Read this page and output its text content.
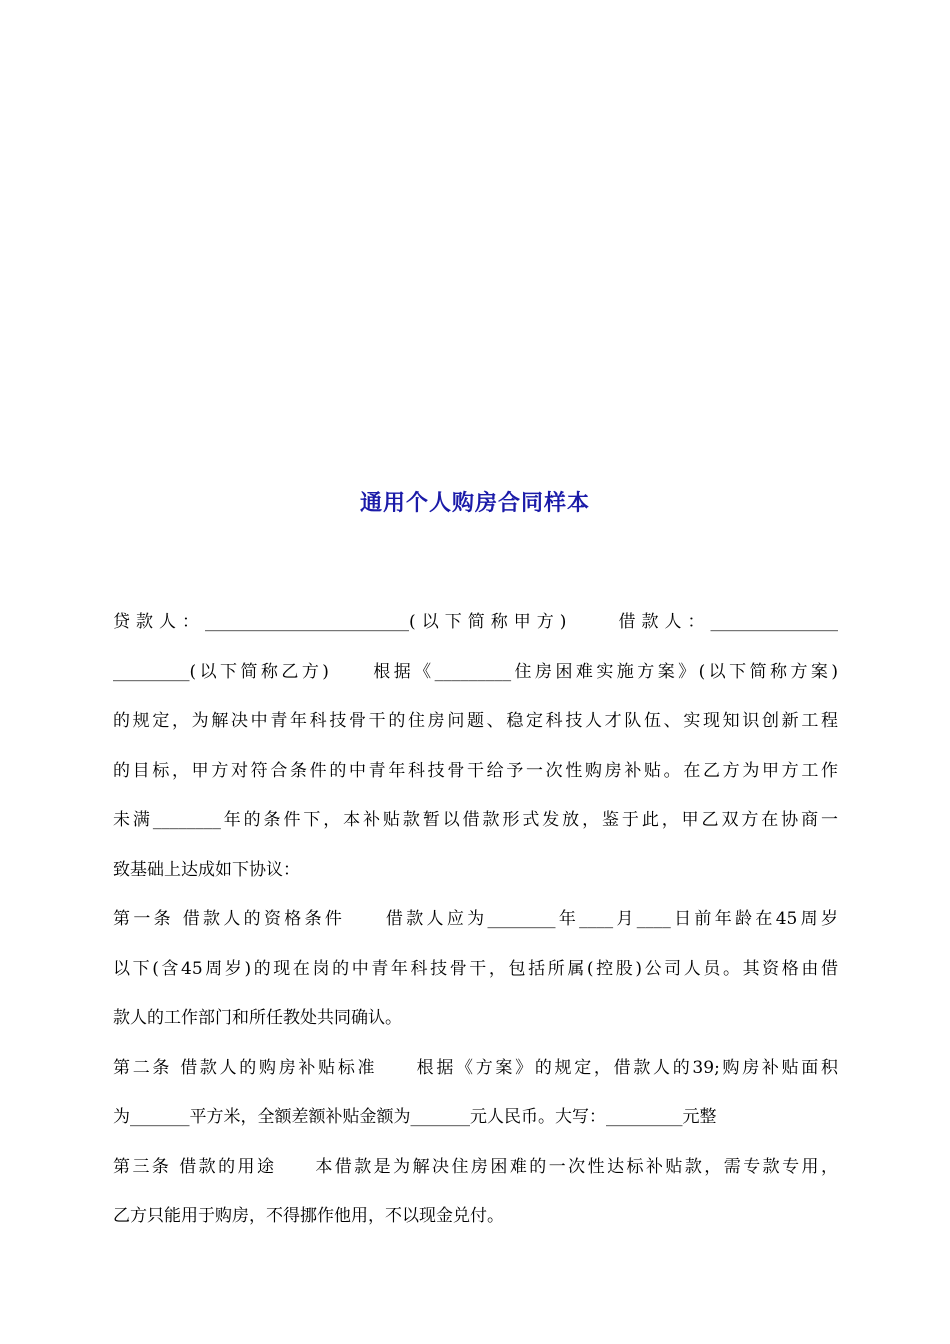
通用个人购房合同样本
贷款人：________________________(以下简称甲方)　　借款人：_______________
_________(以下简称乙方)　　根据《_________住房困难实施方案》(以下简称方案)
的规定，为解决中青年科技骨干的住房问题、稳定科技人才队伍、实现知识创新工程
的目标，甲方对符合条件的中青年科技骨干给予一次性购房补贴。在乙方为甲方工作
未满________年的条件下，本补贴款暂以借款形式发放，鉴于此，甲乙双方在协商一
致基础上达成如下协议：
第一条 借款人的资格条件　　借款人应为________年____月____日前年龄在45周岁
以下(含45周岁)的现在岗的中青年科技骨干，包括所属(控股)公司人员。其资格由借
款人的工作部门和所任教处共同确认。
第二条 借款人的购房补贴标准　　根据《方案》的规定，借款人的39;购房补贴面积
为_______平方米，全额差额补贴金额为_______元人民币。大写：_________元整
第三条 借款的用途　　本借款是为解决住房困难的一次性达标补贴款，需专款专用，
乙方只能用于购房，不得挪作他用，不以现金兑付。
